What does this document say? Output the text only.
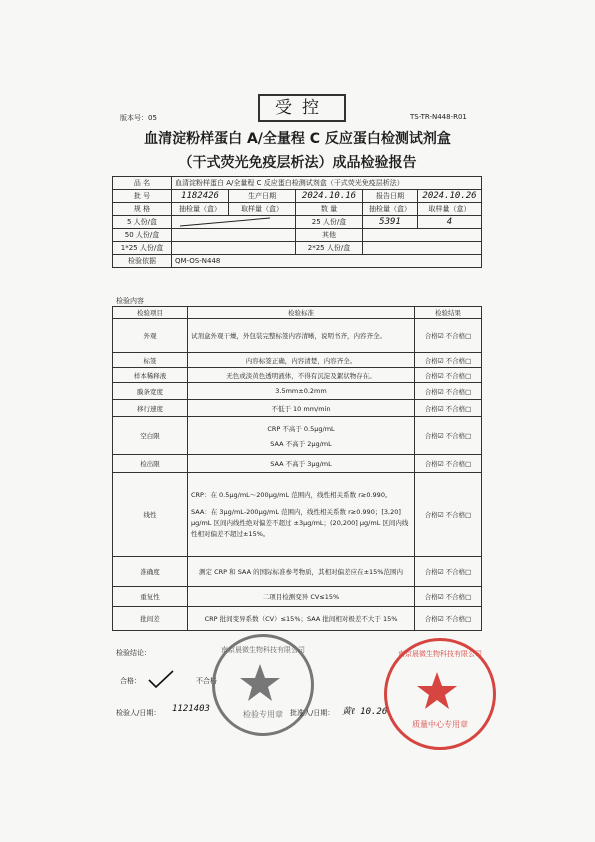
受控
版本号：05	TS-TR-N448-R01
血清淀粉样蛋白 A/全量程 C 反应蛋白检测试剂盒
（干式荧光免疫层析法）成品检验报告
品 名	血清淀粉样蛋白 A/全量程 C 反应蛋白检测试剂盒（干式荧光免疫层析法）				
批 号	1182426	生产日期	2024.10.16	报告日期	2024.10.26
规 格	抽检量（盒）	取样量（盒）	数 量	抽检量（盒）	取样量（盒）
5 人份/盒			25 人份/盒	5391	4
50 人份/盒			其他		
1*25 人份/盒			2*25 人份/盒		
检验依据	QM-OS-N448				
检验内容
检验项目	检验标准	检验结果
外观	试剂盒外观干燥，外包装完整标签内容清晰，说明书齐，内容齐全。	合格☑ 不合格□
标签	内容标签正确，内容清楚，内容齐全。	合格☑ 不合格□
样本稀释液	无色或淡黄色透明液体，不得有沉淀及絮状物存在。	合格☑ 不合格□
膜条宽度	3.5mm±0.2mm	合格☑ 不合格□
移行速度	不低于 10 mm/min	合格☑ 不合格□
空白限	CRP 不高于 0.5μg/mL
SAA 不高于 2μg/mL	合格☑ 不合格□
检出限	SAA 不高于 3μg/mL	合格☑ 不合格□
线性	CRP：在 0.5μg/mL～200μg/mL 范围内，线性相关系数 r≥0.990。
SAA：在 3μg/mL-200μg/mL 范围内，线性相关系数 r≥0.990；[3,20] μg/mL 区间内线性绝对偏差不超过 ±3μg/mL；(20,200] μg/mL 区间内线性相对偏差不超过±15%。	合格☑ 不合格□
准确度	测定 CRP 和 SAA 的国际标准参考物质，其相对偏差应在±15%范围内	合格☑ 不合格□
重复性	二项目检测变异 CV≤15%	合格☑ 不合格□
批间差	CRP 批间变异系数（CV）≤15%；SAA 批间相对极差不大于 15%	合格☑ 不合格□
检验结论：
合格：	不合格
南京晨微生物科技有限公司
检验专用章
南京晨微生物科技有限公司
质量中心专用章
检验人/日期： 1121403	批准人/日期： 黄ℓ 10.26
